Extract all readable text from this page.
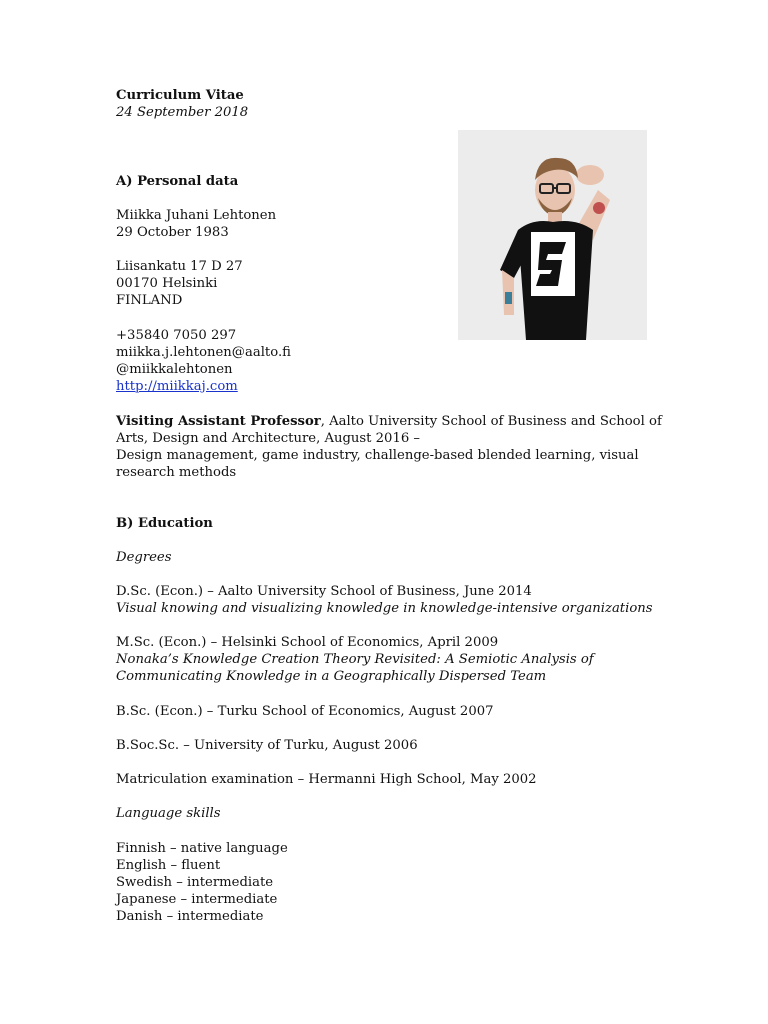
Curriculum Vitae

24 September 2018

A) Personal data

Miikka Juhani Lehtonen

29 October 1983

Liisankatu 17 D 27

00170 Helsinki

FINLAND

+35840 7050 297

miikka.j.lehtonen@aalto.fi

@miikkalehtonen

http://miikkaj.com

Visiting Assistant Professor, Aalto University School of Business and School of

Arts, Design and Architecture, August 2016 –

Design management, game industry, challenge-based blended learning, visual

research methods

B) Education

Degrees

D.Sc. (Econ.) – Aalto University School of Business, June 2014

Visual knowing and visualizing knowledge in knowledge-intensive organizations

M.Sc. (Econ.) – Helsinki School of Economics, April 2009

Nonaka’s Knowledge Creation Theory Revisited: A Semiotic Analysis of

Communicating Knowledge in a Geographically Dispersed Team

B.Sc. (Econ.) – Turku School of Economics, August 2007

B.Soc.Sc. – University of Turku, August 2006

Matriculation examination – Hermanni High School, May 2002

Language skills

Finnish – native language

English – fluent

Swedish – intermediate

Japanese – intermediate

Danish – intermediate
